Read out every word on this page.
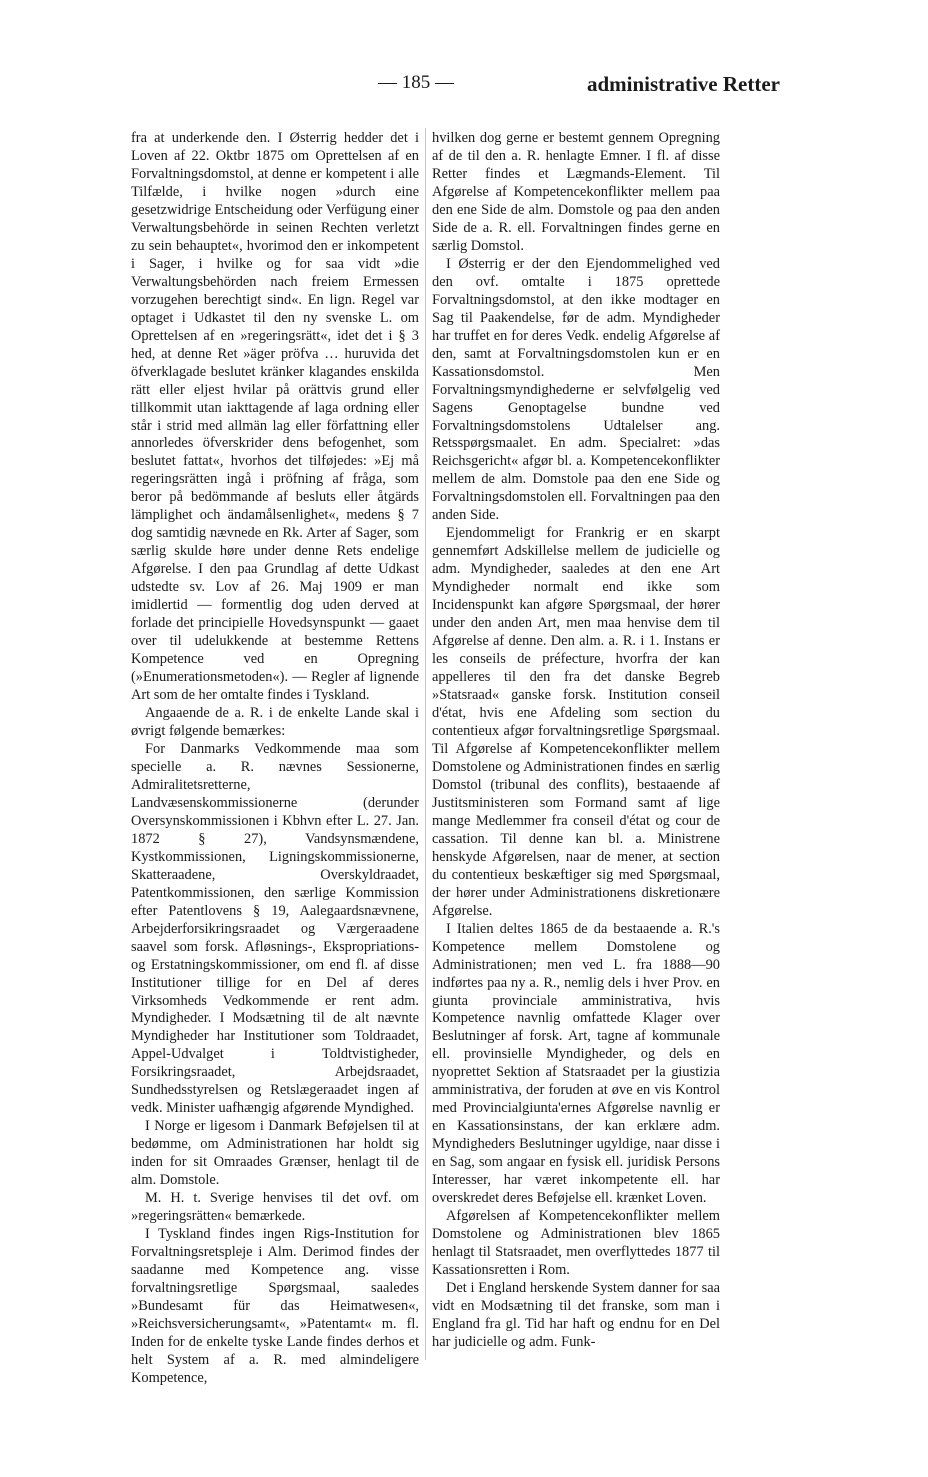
— 185 —	administrative Retter

fra at underkende den. I Østerrig hedder det i Loven af 22. Oktbr 1875 om Oprettelsen af en Forvaltningsdomstol, at denne er kompetent i alle Tilfælde, i hvilke nogen »durch eine gesetzwidrige Entscheidung oder Verfügung einer Verwaltungsbehörde in seinen Rechten verletzt zu sein behauptet«, hvorimod den er inkompetent i Sager, i hvilke og for saa vidt »die Verwaltungsbehörden nach freiem Ermessen vorzugehen berechtigt sind«. En lign. Regel var optaget i Udkastet til den ny svenske L. om Oprettelsen af en »regeringsrätt«, idet det i § 3 hed, at denne Ret »äger pröfva … huruvida det öfverklagade beslutet kränker klagandes enskilda rätt eller eljest hvilar på orättvis grund eller tillkommit utan iakttagende af laga ordning eller står i strid med allmän lag eller författning eller annorledes öfverskrider dens befogenhet, som beslutet fattat«, hvorhos det tilføjedes: »Ej må regeringsrätten ingå i pröfning af fråga, som beror på bedömmande af besluts eller åtgärds lämplighet och ändamålsenlighet«, medens § 7 dog samtidig nævnede en Rk. Arter af Sager, som særlig skulde høre under denne Rets endelige Afgørelse. I den paa Grundlag af dette Udkast udstedte sv. Lov af 26. Maj 1909 er man imidlertid — formentlig dog uden derved at forlade det principielle Hovedsynspunkt — gaaet over til udelukkende at bestemme Rettens Kompetence ved en Opregning (»Enumerationsmetoden«). — Regler af lignende Art som de her omtalte findes i Tyskland.

Angaaende de a. R. i de enkelte Lande skal i øvrigt følgende bemærkes:

For Danmarks Vedkommende maa som specielle a. R. nævnes Sessionerne, Admiralitetsretterne, Landvæsenskommissionerne (derunder Oversynskommissionen i Kbhvn efter L. 27. Jan. 1872 § 27), Vandsynsmændene, Kystkommissionen, Ligningskommissionerne, Skatteraadene, Overskyldraadet, Patentkommissionen, den særlige Kommission efter Patentlovens § 19, Aalegaardsnævnene, Arbejderforsikringsraadet og Værgeraadene saavel som forsk. Afløsnings-, Ekspropriations- og Erstatningskommissioner, om end fl. af disse Institutioner tillige for en Del af deres Virksomheds Vedkommende er rent adm. Myndigheder. I Modsætning til de alt nævnte Myndigheder har Institutioner som Toldraadet, Appel-Udvalget i Toldtvistigheder, Forsikringsraadet, Arbejdsraadet, Sundhedsstyrelsen og Retslægeraadet ingen af vedk. Minister uafhængig afgørende Myndighed.

I Norge er ligesom i Danmark Beføjelsen til at bedømme, om Administrationen har holdt sig inden for sit Omraades Grænser, henlagt til de alm. Domstole.

M. H. t. Sverige henvises til det ovf. om »regeringsrätten« bemærkede.

I Tyskland findes ingen Rigs-Institution for Forvaltningsretspleje i Alm. Derimod findes der saadanne med Kompetence ang. visse forvaltningsretlige Spørgsmaal, saaledes »Bundesamt für das Heimatwesen«, »Reichsversicherungsamt«, »Patentamt« m. fl. Inden for de enkelte tyske Lande findes derhos et helt System af a. R. med almindeligere Kompetence,

hvilken dog gerne er bestemt gennem Opregning af de til den a. R. henlagte Emner. I fl. af disse Retter findes et Lægmands-Element. Til Afgørelse af Kompetencekonflikter mellem paa den ene Side de alm. Domstole og paa den anden Side de a. R. ell. Forvaltningen findes gerne en særlig Domstol.

I Østerrig er der den Ejendommelighed ved den ovf. omtalte i 1875 oprettede Forvaltningsdomstol, at den ikke modtager en Sag til Paakendelse, før de adm. Myndigheder har truffet en for deres Vedk. endelig Afgørelse af den, samt at Forvaltningsdomstolen kun er en Kassationsdomstol. Men Forvaltningsmyndighederne er selvfølgelig ved Sagens Genoptagelse bundne ved Forvaltningsdomstolens Udtalelser ang. Retsspørgsmaalet. En adm. Specialret: »das Reichsgericht« afgør bl. a. Kompetencekonflikter mellem de alm. Domstole paa den ene Side og Forvaltningsdomstolen ell. Forvaltningen paa den anden Side.

Ejendommeligt for Frankrig er en skarpt gennemført Adskillelse mellem de judicielle og adm. Myndigheder, saaledes at den ene Art Myndigheder normalt end ikke som Incidenspunkt kan afgøre Spørgsmaal, der hører under den anden Art, men maa henvise dem til Afgørelse af denne. Den alm. a. R. i 1. Instans er les conseils de préfecture, hvorfra der kan appelleres til den fra det danske Begreb »Statsraad« ganske forsk. Institution conseil d'état, hvis ene Afdeling som section du contentieux afgør forvaltningsretlige Spørgsmaal. Til Afgørelse af Kompetencekonflikter mellem Domstolene og Administrationen findes en særlig Domstol (tribunal des conflits), bestaaende af Justitsministeren som Formand samt af lige mange Medlemmer fra conseil d'état og cour de cassation. Til denne kan bl. a. Ministrene henskyde Afgørelsen, naar de mener, at section du contentieux beskæftiger sig med Spørgsmaal, der hører under Administrationens diskretionære Afgørelse.

I Italien deltes 1865 de da bestaaende a. R.'s Kompetence mellem Domstolene og Administrationen; men ved L. fra 1888—90 indførtes paa ny a. R., nemlig dels i hver Prov. en giunta provinciale amministrativa, hvis Kompetence navnlig omfattede Klager over Beslutninger af forsk. Art, tagne af kommunale ell. provinsielle Myndigheder, og dels en nyoprettet Sektion af Statsraadet per la giustizia amministrativa, der foruden at øve en vis Kontrol med Provincialgiunta'ernes Afgørelse navnlig er en Kassationsinstans, der kan erklære adm. Myndigheders Beslutninger ugyldige, naar disse i en Sag, som angaar en fysisk ell. juridisk Persons Interesser, har været inkompetente ell. har overskredet deres Beføjelse ell. krænket Loven.

Afgørelsen af Kompetencekonflikter mellem Domstolene og Administrationen blev 1865 henlagt til Statsraadet, men overflyttedes 1877 til Kassationsretten i Rom.

Det i England herskende System danner for saa vidt en Modsætning til det franske, som man i England fra gl. Tid har haft og endnu for en Del har judicielle og adm. Funk-
